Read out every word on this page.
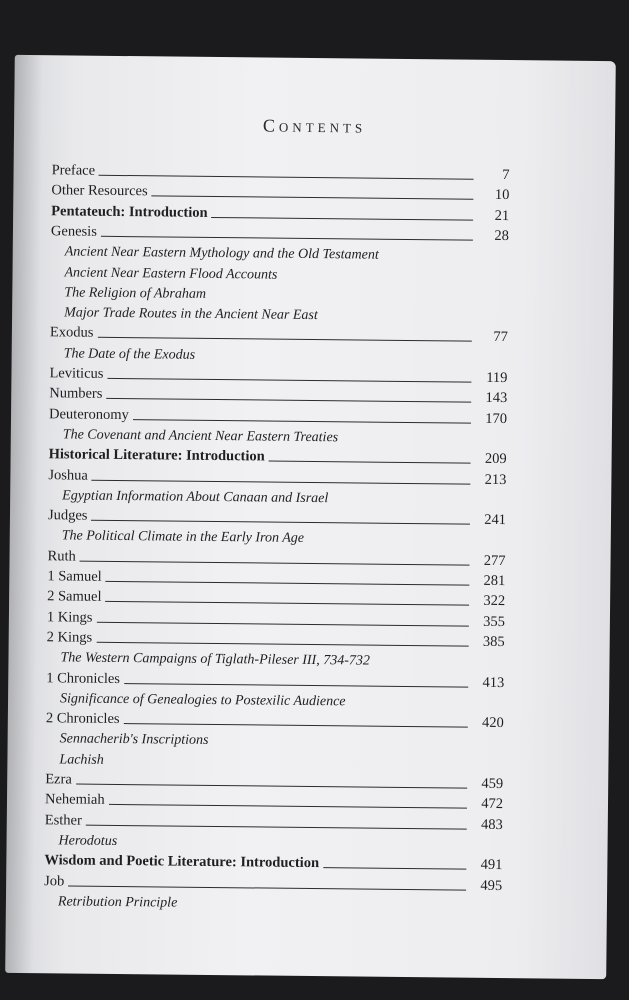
Contents
Preface	7
Other Resources	10
Pentateuch: Introduction	21
Genesis	28
Ancient Near Eastern Mythology and the Old Testament
Ancient Near Eastern Flood Accounts
The Religion of Abraham
Major Trade Routes in the Ancient Near East
Exodus	77
The Date of the Exodus
Leviticus	119
Numbers	143
Deuteronomy	170
The Covenant and Ancient Near Eastern Treaties
Historical Literature: Introduction	209
Joshua	213
Egyptian Information About Canaan and Israel
Judges	241
The Political Climate in the Early Iron Age
Ruth	277
1 Samuel	281
2 Samuel	322
1 Kings	355
2 Kings	385
The Western Campaigns of Tiglath-Pileser III, 734-732
1 Chronicles	413
Significance of Genealogies to Postexilic Audience
2 Chronicles	420
Sennacherib's Inscriptions
Lachish
Ezra	459
Nehemiah	472
Esther	483
Herodotus
Wisdom and Poetic Literature: Introduction	491
Job	495
Retribution Principle
